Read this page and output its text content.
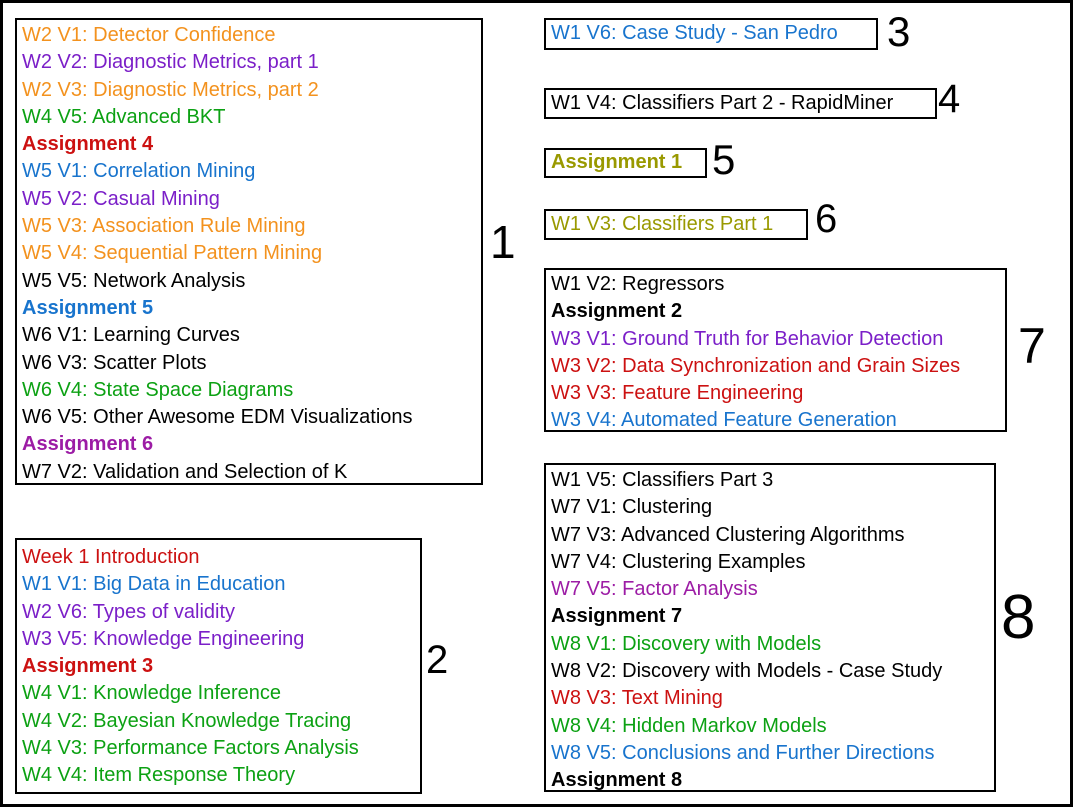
W2 V1: Detector Confidence
W2 V2: Diagnostic Metrics, part 1
W2 V3: Diagnostic Metrics, part 2
W4 V5: Advanced BKT
Assignment 4
W5 V1: Correlation Mining
W5 V2: Casual Mining
W5 V3: Association Rule Mining
W5 V4: Sequential Pattern Mining
W5 V5: Network Analysis
Assignment 5
W6 V1: Learning Curves
W6 V3: Scatter Plots
W6 V4: State Space Diagrams
W6 V5: Other Awesome EDM Visualizations
Assignment 6
W7 V2: Validation and Selection of K
Week 1 Introduction
W1 V1: Big Data in Education
W2 V6: Types of validity
W3 V5: Knowledge Engineering
Assignment 3
W4 V1: Knowledge Inference
W4 V2: Bayesian Knowledge Tracing
W4 V3: Performance Factors Analysis
W4 V4: Item Response Theory
W1 V6: Case Study - San Pedro
W1 V4: Classifiers Part 2 - RapidMiner
Assignment 1
W1 V3: Classifiers Part 1
W1 V2: Regressors
Assignment 2
W3 V1: Ground Truth for Behavior Detection
W3 V2: Data Synchronization and Grain Sizes
W3 V3: Feature Engineering
W3 V4: Automated Feature Generation
W1 V5: Classifiers Part 3
W7 V1: Clustering
W7 V3: Advanced Clustering Algorithms
W7 V4: Clustering Examples
W7 V5: Factor Analysis
Assignment 7
W8 V1: Discovery with Models
W8 V2: Discovery with Models - Case Study
W8 V3: Text Mining
W8 V4: Hidden Markov Models
W8 V5: Conclusions and Further Directions
Assignment 8
1
2
3
4
5
6
7
8
